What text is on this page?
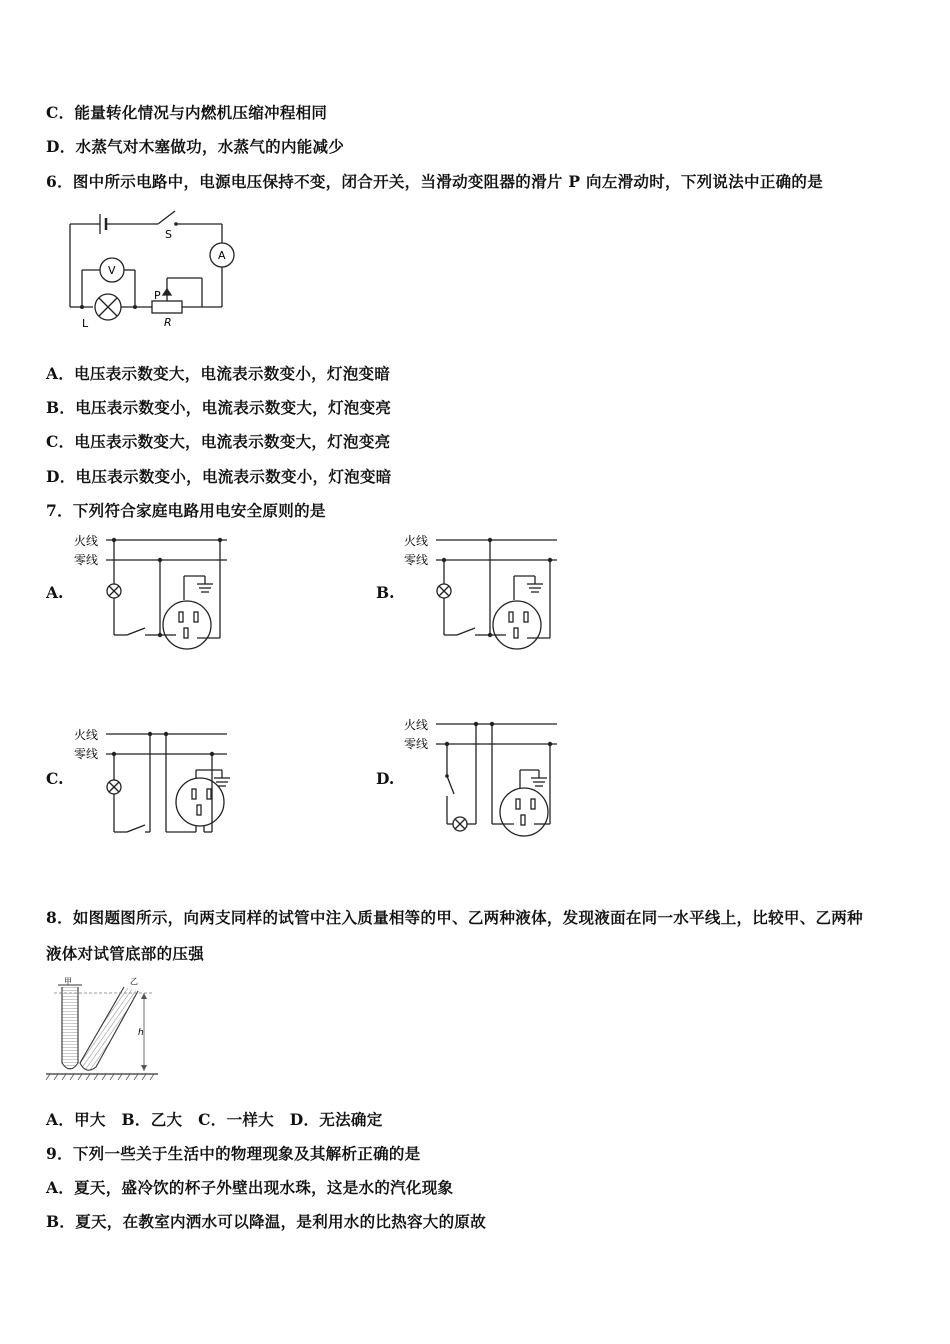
C．能量转化情况与内燃机压缩冲程相同
D．水蒸气对木塞做功，水蒸气的内能减少
6．图中所示电路中，电源电压保持不变，闭合开关，当滑动变阻器的滑片 P 向左滑动时，下列说法中正确的是
S
A
V
P
L	R
A．电压表示数变大，电流表示数变小，灯泡变暗
B．电压表示数变小，电流表示数变大，灯泡变亮
C．电压表示数变大，电流表示数变大，灯泡变亮
D．电压表示数变小，电流表示数变小，灯泡变暗
7．下列符合家庭电路用电安全原则的是
A.
火线
零线
B.
火线
零线
C.
火线
零线
D.
火线
零线
8．如图题图所示，向两支同样的试管中注入质量相等的甲、乙两种液体，发现液面在同一水平线上，比较甲、乙两种
液体对试管底部的压强
甲	乙
h
A．甲大　B．乙大　C．一样大　D．无法确定
9．下列一些关于生活中的物理现象及其解析正确的是
A．夏天，盛冷饮的杯子外壁出现水珠，这是水的汽化现象
B．夏天，在教室内洒水可以降温，是利用水的比热容大的原故
